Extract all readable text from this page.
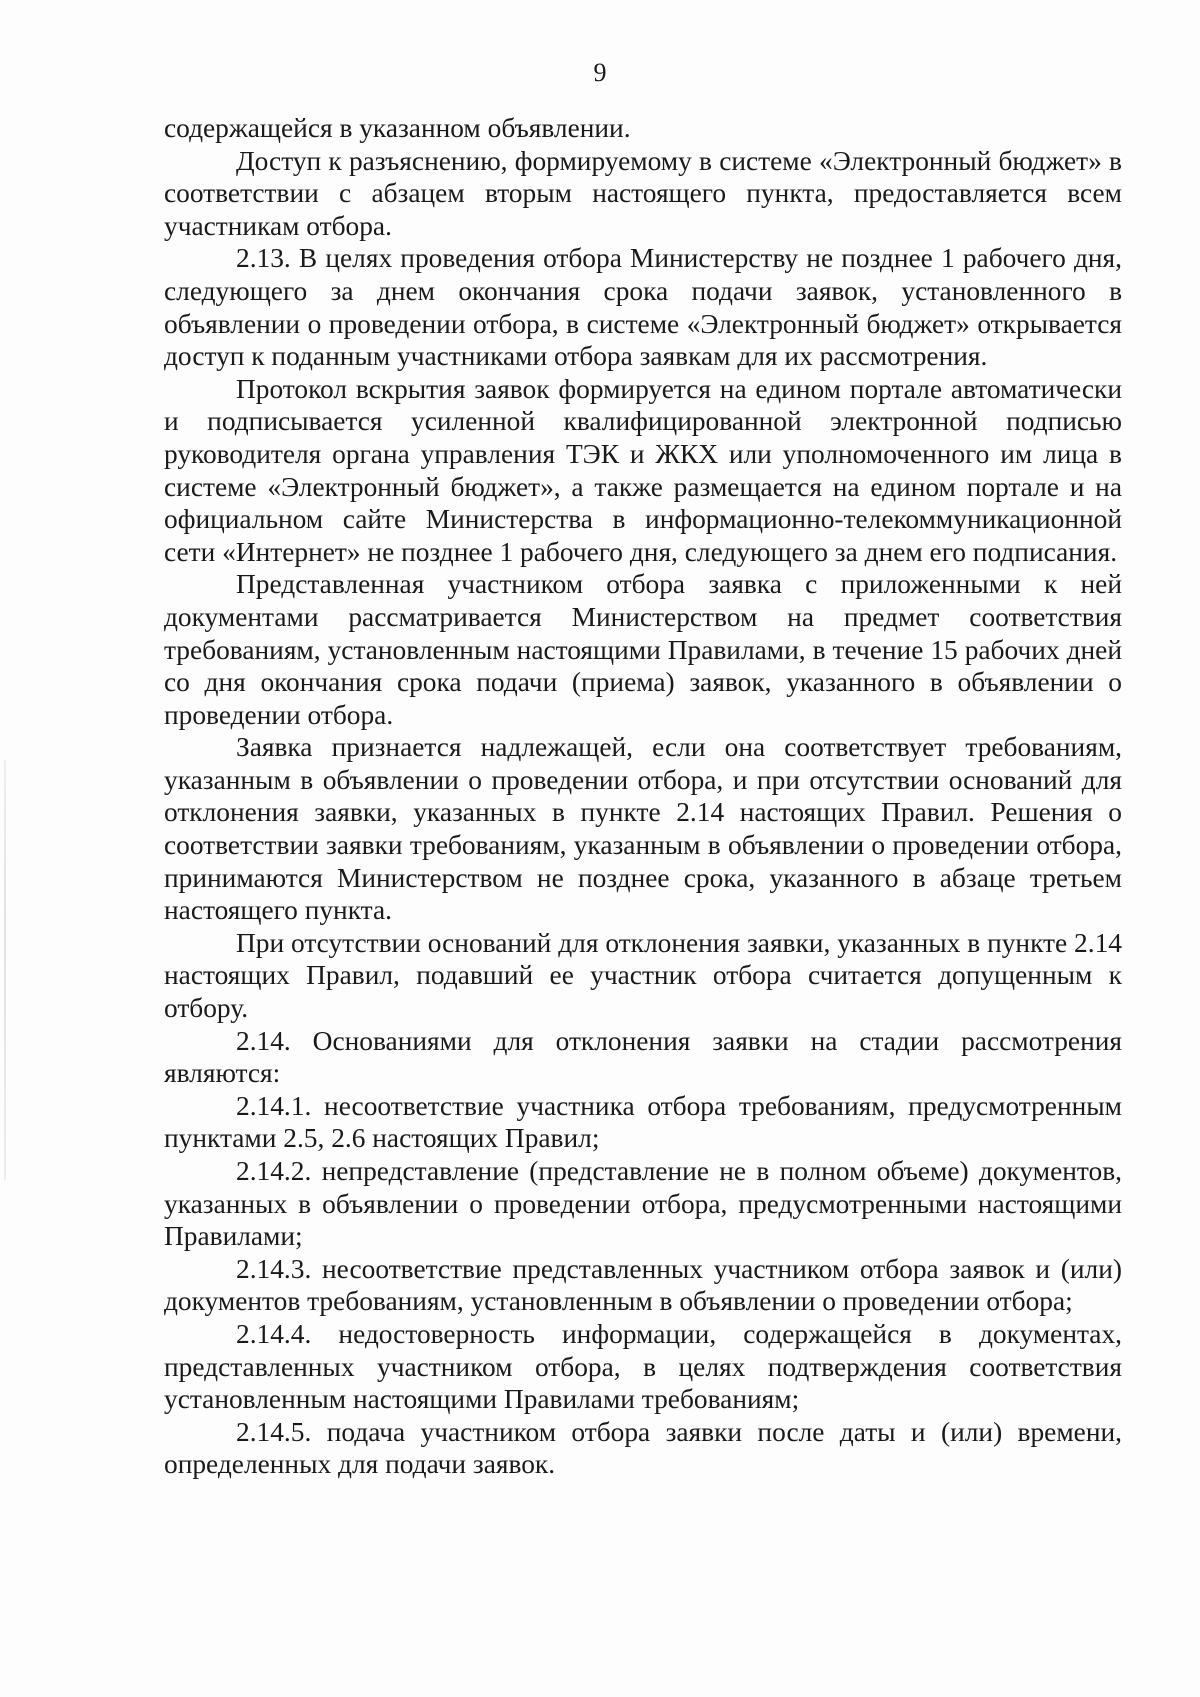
9

содержащейся в указанном объявлении.

Доступ к разъяснению, формируемому в системе «Электронный бюджет» в соответствии с абзацем вторым настоящего пункта, предоставляется всем участникам отбора.

2.13. В целях проведения отбора Министерству не позднее 1 рабочего дня, следующего за днем окончания срока подачи заявок, установленного в объявлении о проведении отбора, в системе «Электронный бюджет» открывается доступ к поданным участниками отбора заявкам для их рассмотрения.

Протокол вскрытия заявок формируется на едином портале автоматически и подписывается усиленной квалифицированной электронной подписью руководителя органа управления ТЭК и ЖКХ или уполномоченного им лица в системе «Электронный бюджет», а также размещается на едином портале и на официальном сайте Министерства в информационно-телекоммуникационной сети «Интернет» не позднее 1 рабочего дня, следующего за днем его подписания.

Представленная участником отбора заявка с приложенными к ней документами рассматривается Министерством на предмет соответствия требованиям, установленным настоящими Правилами, в течение 15 рабочих дней со дня окончания срока подачи (приема) заявок, указанного в объявлении о проведении отбора.

Заявка признается надлежащей, если она соответствует требованиям, указанным в объявлении о проведении отбора, и при отсутствии оснований для отклонения заявки, указанных в пункте 2.14 настоящих Правил. Решения о соответствии заявки требованиям, указанным в объявлении о проведении отбора, принимаются Министерством не позднее срока, указанного в абзаце третьем настоящего пункта.

При отсутствии оснований для отклонения заявки, указанных в пункте 2.14 настоящих Правил, подавший ее участник отбора считается допущенным к отбору.

2.14. Основаниями для отклонения заявки на стадии рассмотрения являются:

2.14.1. несоответствие участника отбора требованиям, предусмотренным пунктами 2.5, 2.6 настоящих Правил;

2.14.2. непредставление (представление не в полном объеме) документов, указанных в объявлении о проведении отбора, предусмотренными настоящими Правилами;

2.14.3. несоответствие представленных участником отбора заявок и (или) документов требованиям, установленным в объявлении о проведении отбора;

2.14.4. недостоверность информации, содержащейся в документах, представленных участником отбора, в целях подтверждения соответствия установленным настоящими Правилами требованиям;

2.14.5. подача участником отбора заявки после даты и (или) времени, определенных для подачи заявок.
